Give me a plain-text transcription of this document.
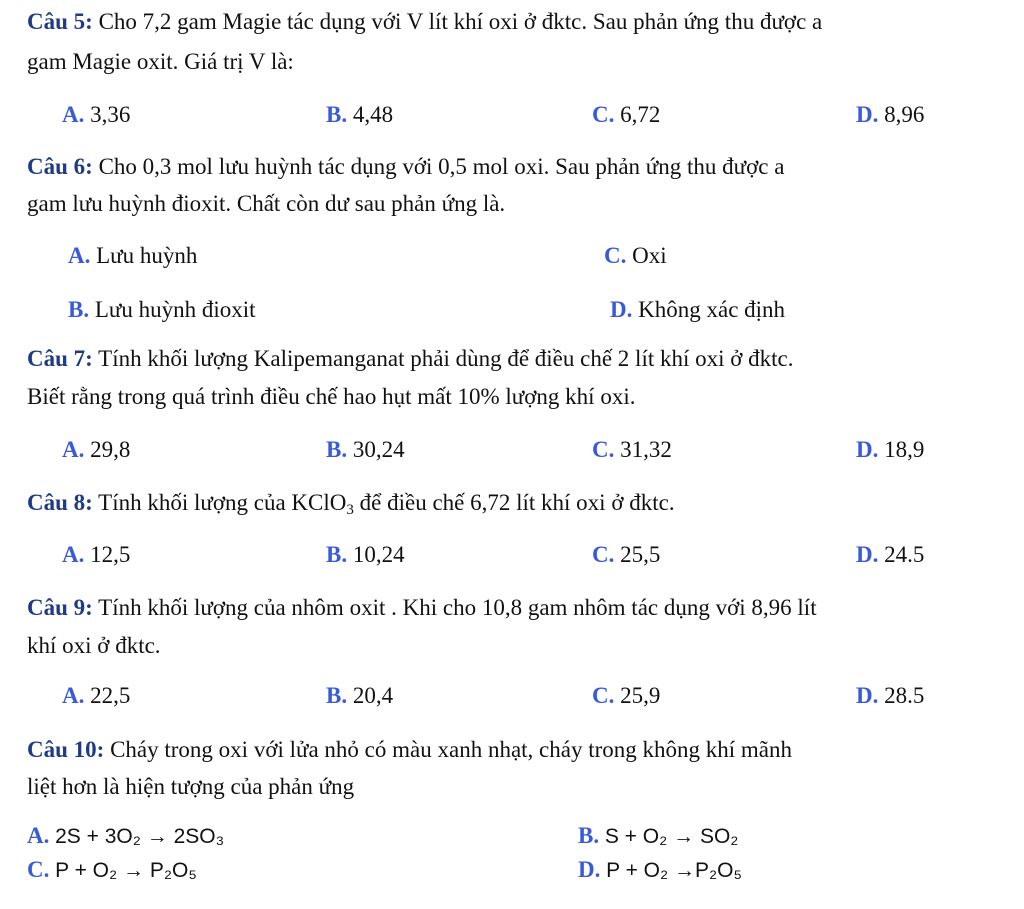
Câu 5: Cho 7,2 gam Magie tác dụng với V lít khí oxi ở đktc. Sau phản ứng thu được a
gam Magie oxit. Giá trị V là:
A. 3,36	B. 4,48	C. 6,72	D. 8,96
Câu 6: Cho 0,3 mol lưu huỳnh tác dụng với 0,5 mol oxi. Sau phản ứng thu được a
gam lưu huỳnh đioxit. Chất còn dư sau phản ứng là.
A. Lưu huỳnh	C. Oxi
B. Lưu huỳnh đioxit	D. Không xác định
Câu 7: Tính khối lượng Kalipemanganat phải dùng để điều chế 2 lít khí oxi ở đktc.
Biết rằng trong quá trình điều chế hao hụt mất 10% lượng khí oxi.
A. 29,8	B. 30,24	C. 31,32	D. 18,9
Câu 8: Tính khối lượng của KClO$_3$ để điều chế 6,72 lít khí oxi ở đktc.
A. 12,5	B. 10,24	C. 25,5	D. 24.5
Câu 9: Tính khối lượng của nhôm oxit . Khi cho 10,8 gam nhôm tác dụng với 8,96 lít
khí oxi ở đktc.
A. 22,5	B. 20,4	C. 25,9	D. 28.5
Câu 10: Cháy trong oxi với lửa nhỏ có màu xanh nhạt, cháy trong không khí mãnh
liệt hơn là hiện tượng của phản ứng
A. 2S + 3O₂ → 2SO₃	B. S + O₂ → SO₂
C. P + O₂ → P₂O₅	D. P + O₂ →P₂O₅
